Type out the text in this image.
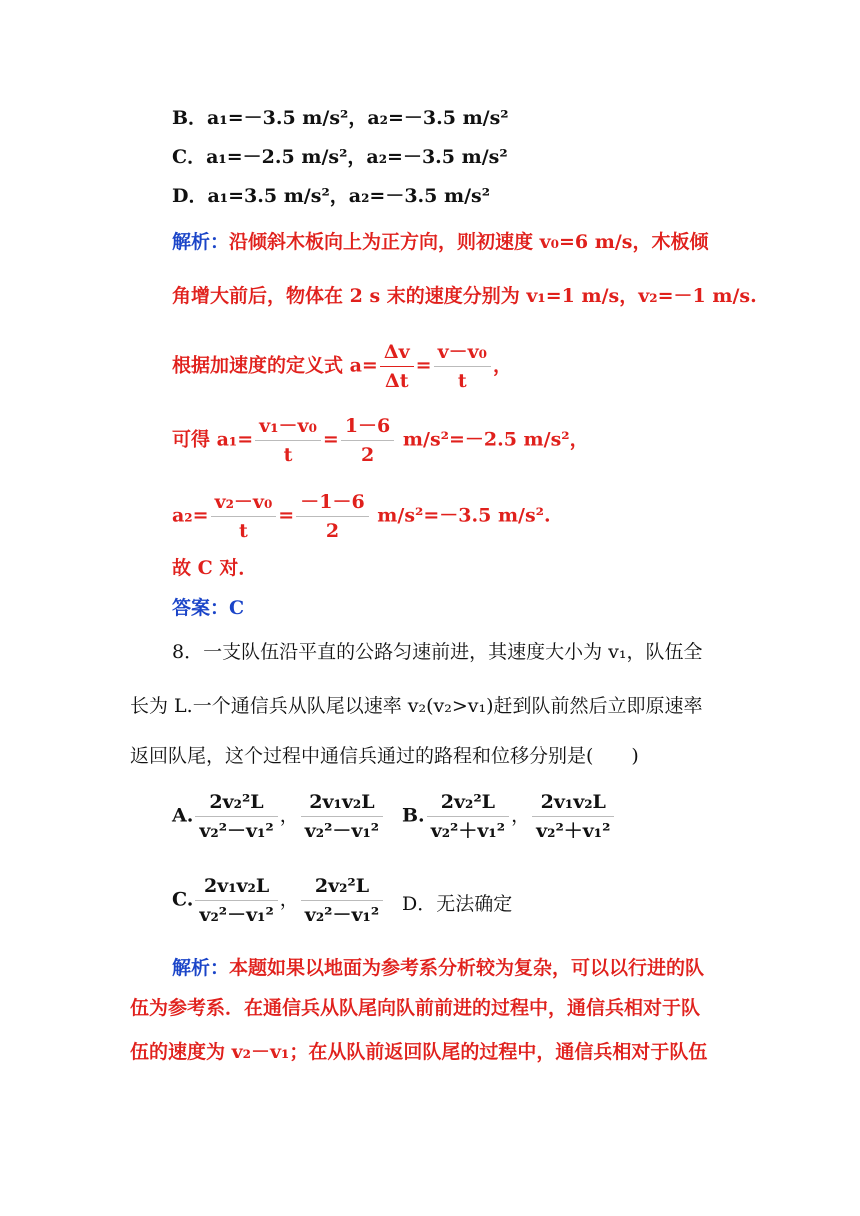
B．a₁=－3.5 m/s²，a₂=－3.5 m/s²
C．a₁=－2.5 m/s²，a₂=－3.5 m/s²
D．a₁=3.5 m/s²，a₂=－3.5 m/s²
解析：沿倾斜木板向上为正方向，则初速度 v₀=6 m/s，木板倾
角增大前后，物体在 2 s 末的速度分别为 v₁=1 m/s，v₂=－1 m/s.
根据加速度的定义式 $a= \frac{\Delta v}{\Delta t} = \frac{\text{v－v₀}}{t}$ ，
可得 $a_1= \frac{\text{v₁－v₀}}{t} = \frac{1-6}{2} m/s^2=-2.5$ m/s²，
$a_2= \frac{\text{v₂－v₀}}{t} = \frac{-1-6}{2} m/s^2=-3.5$ m/s².
故 C 对．
答案：C
8．一支队伍沿平直的公路匀速前进，其速度大小为 v₁，队伍全
长为 L.一个通信兵从队尾以速率 v₂(v₂>v₁)赶到队前然后立即原速率
返回队尾，这个过程中通信兵通过的路程和位移分别是(　　)
A. $\frac{\text{2v₂²L}}{\text{v₂²－v₁²}}$ ， $\frac{\text{2v₁v₂L}}{\text{v₂²－v₁²}} B$. $\frac{\text{2v₂²L}}{\text{v₂²＋v₁²}}$ ， $\frac{\text{2v₁v₂L}}{\text{v₂²＋v₁²}}$
C. $\frac{\text{2v₁v₂L}}{\text{v₂²－v₁²}}$ ， $\frac{\text{2v₂²L}}{\text{v₂²－v₁²}}$ D．无法确定
解析：本题如果以地面为参考系分析较为复杂，可以以行进的队
伍为参考系．在通信兵从队尾向队前前进的过程中，通信兵相对于队
伍的速度为 v₂－v₁；在从队前返回队尾的过程中，通信兵相对于队伍
